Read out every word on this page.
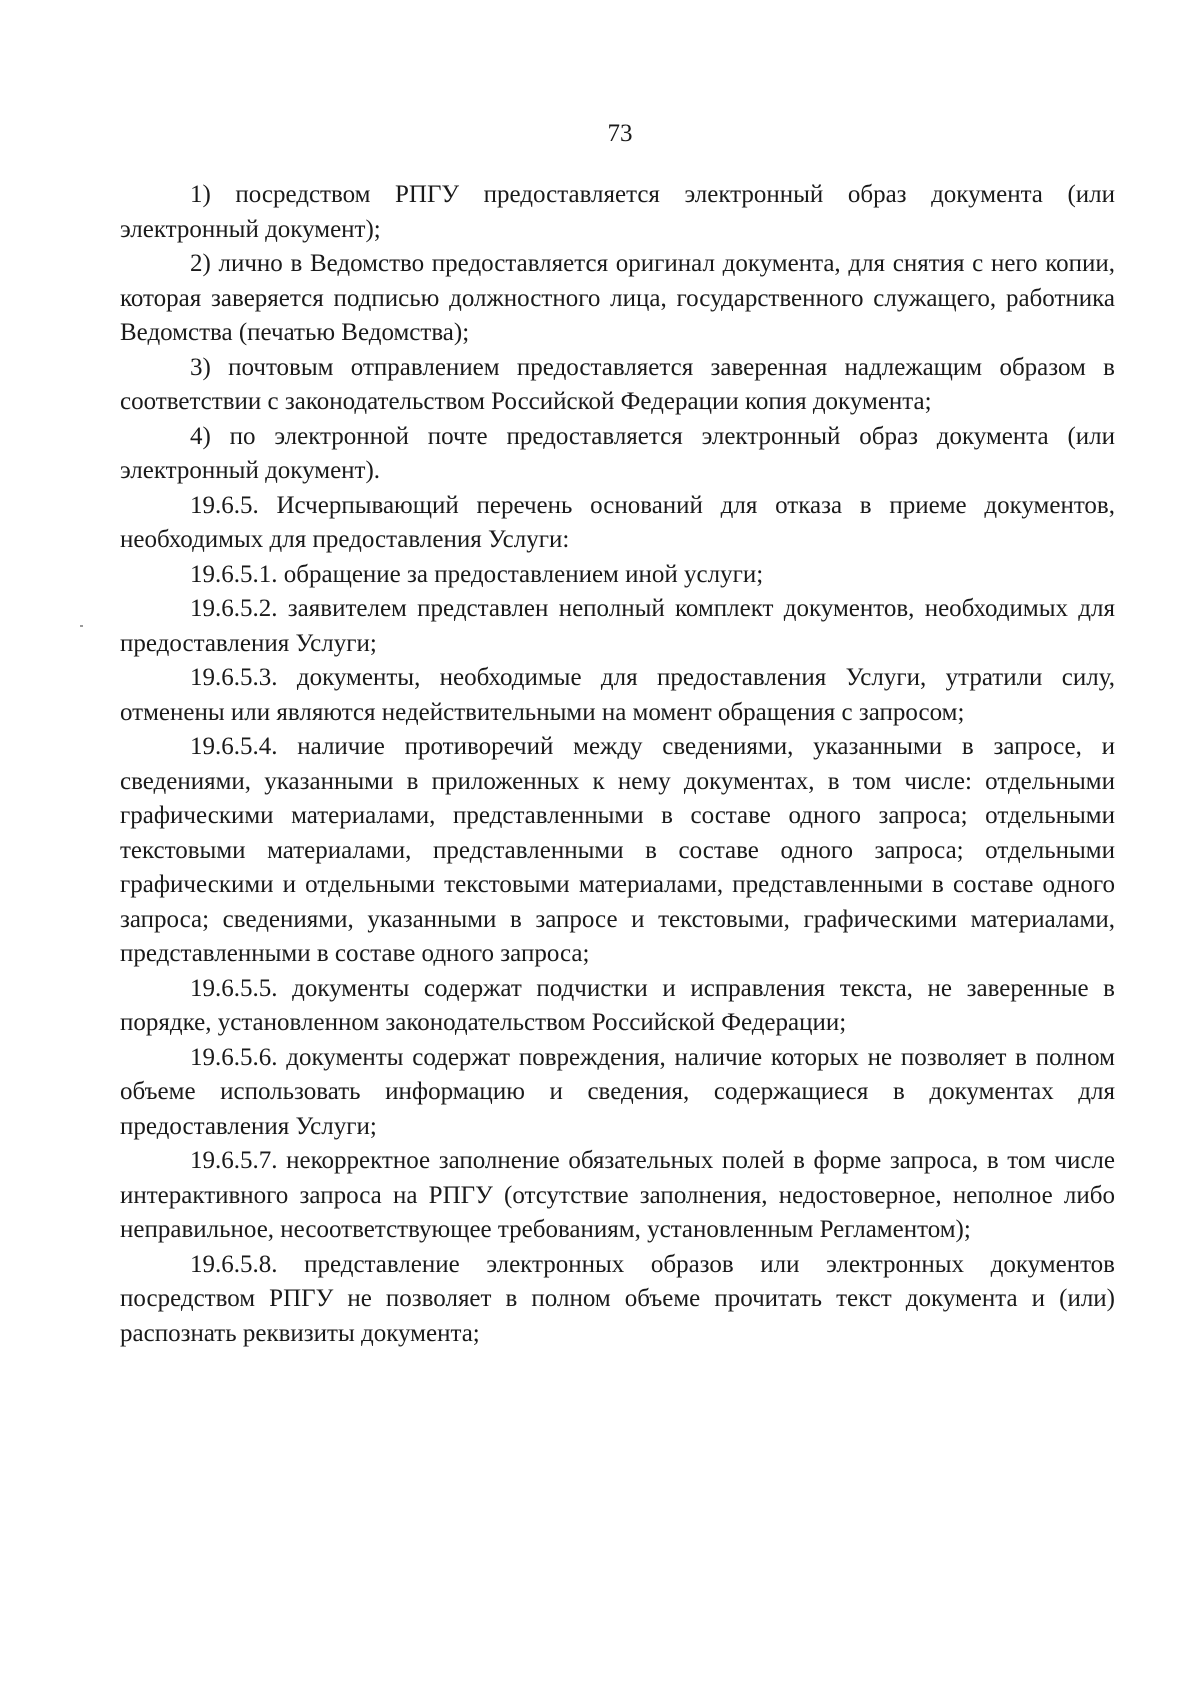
73

1) посредством РПГУ предоставляется электронный образ документа (или электронный документ);

2) лично в Ведомство предоставляется оригинал документа, для снятия с него копии, которая заверяется подписью должностного лица, государственного служащего, работника Ведомства (печатью Ведомства);

3) почтовым отправлением предоставляется заверенная надлежащим образом в соответствии с законодательством Российской Федерации копия документа;

4) по электронной почте предоставляется электронный образ документа (или электронный документ).

19.6.5. Исчерпывающий перечень оснований для отказа в приеме документов, необходимых для предоставления Услуги:

19.6.5.1. обращение за предоставлением иной услуги;

19.6.5.2. заявителем представлен неполный комплект документов, необходимых для предоставления Услуги;

19.6.5.3. документы, необходимые для предоставления Услуги, утратили силу, отменены или являются недействительными на момент обращения с запросом;

19.6.5.4. наличие противоречий между сведениями, указанными в запросе, и сведениями, указанными в приложенных к нему документах, в том числе: отдельными графическими материалами, представленными в составе одного запроса; отдельными текстовыми материалами, представленными в составе одного запроса; отдельными графическими и отдельными текстовыми материалами, представленными в составе одного запроса; сведениями, указанными в запросе и текстовыми, графическими материалами, представленными в составе одного запроса;

19.6.5.5. документы содержат подчистки и исправления текста, не заверенные в порядке, установленном законодательством Российской Федерации;

19.6.5.6. документы содержат повреждения, наличие которых не позволяет в полном объеме использовать информацию и сведения, содержащиеся в документах для предоставления Услуги;

19.6.5.7. некорректное заполнение обязательных полей в форме запроса, в том числе интерактивного запроса на РПГУ (отсутствие заполнения, недостоверное, неполное либо неправильное, несоответствующее требованиям, установленным Регламентом);

19.6.5.8. представление электронных образов или электронных документов посредством РПГУ не позволяет в полном объеме прочитать текст документа и (или) распознать реквизиты документа;
